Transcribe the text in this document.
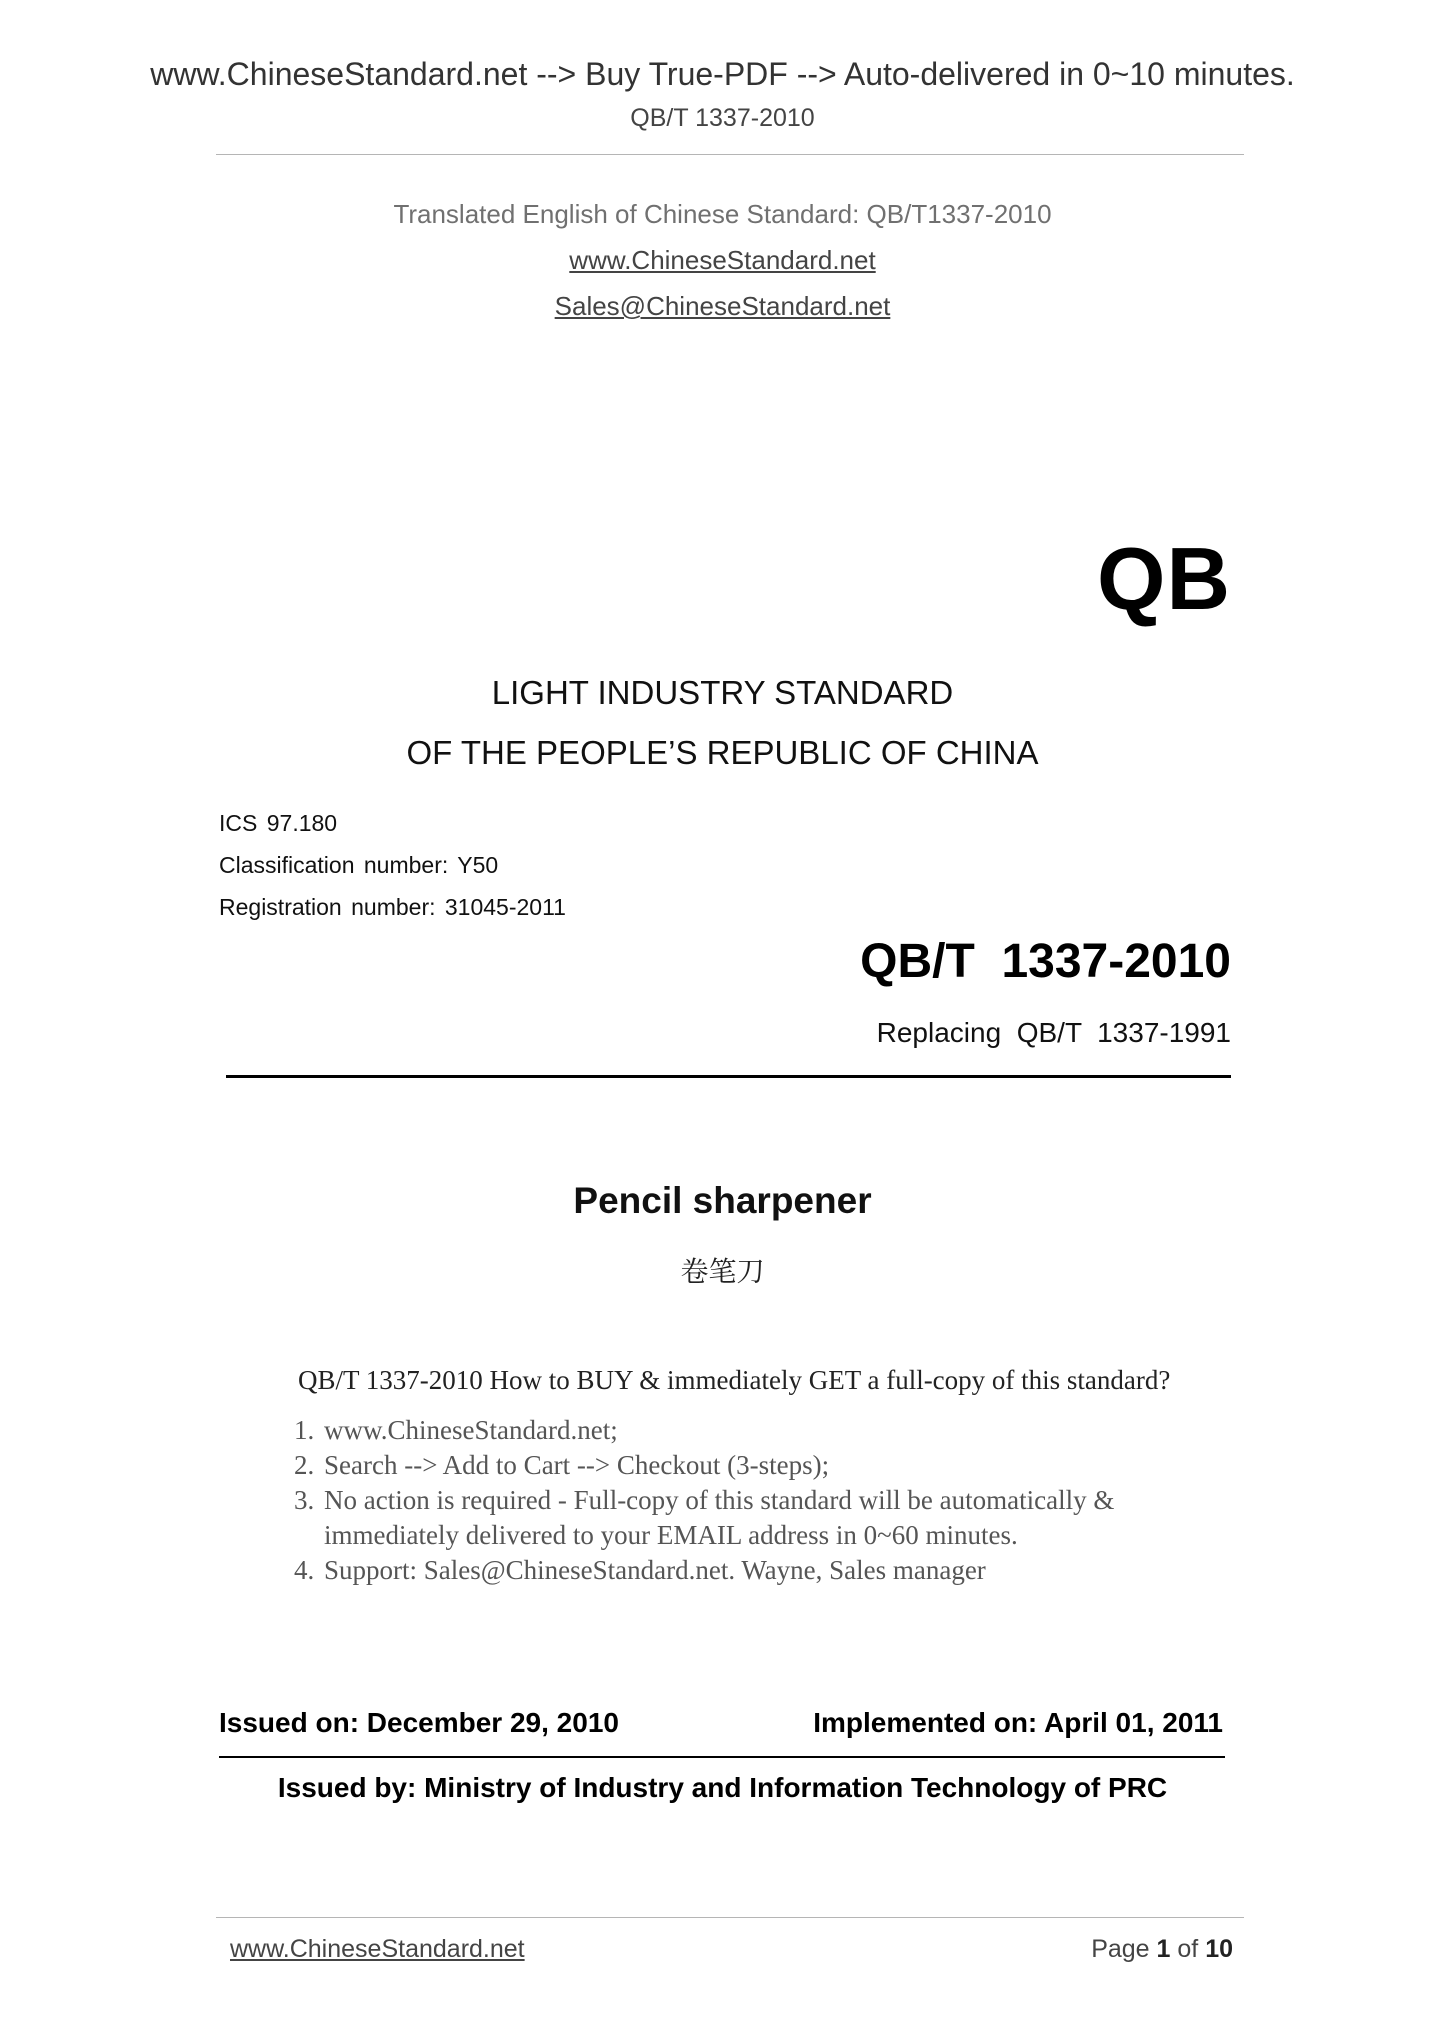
www.ChineseStandard.net --> Buy True-PDF --> Auto-delivered in 0~10 minutes.
QB/T 1337-2010
Translated English of Chinese Standard: QB/T1337-2010
www.ChineseStandard.net
Sales@ChineseStandard.net
QB
LIGHT INDUSTRY STANDARD
OF THE PEOPLE’S REPUBLIC OF CHINA
ICS 97.180
Classification number: Y50
Registration number: 31045-2011
QB/T  1337-2010
Replacing  QB/T  1337-1991
Pencil sharpener
卷笔刀
QB/T 1337-2010 How to BUY & immediately GET a full-copy of this standard?
1. www.ChineseStandard.net;
2. Search --> Add to Cart --> Checkout (3-steps);
3. No action is required - Full-copy of this standard will be automatically & immediately delivered to your EMAIL address in 0~60 minutes.
4. Support: Sales@ChineseStandard.net. Wayne, Sales manager
Issued on: December 29, 2010	Implemented on: April 01, 2011
Issued by: Ministry of Industry and Information Technology of PRC
www.ChineseStandard.net	Page 1 of 10
